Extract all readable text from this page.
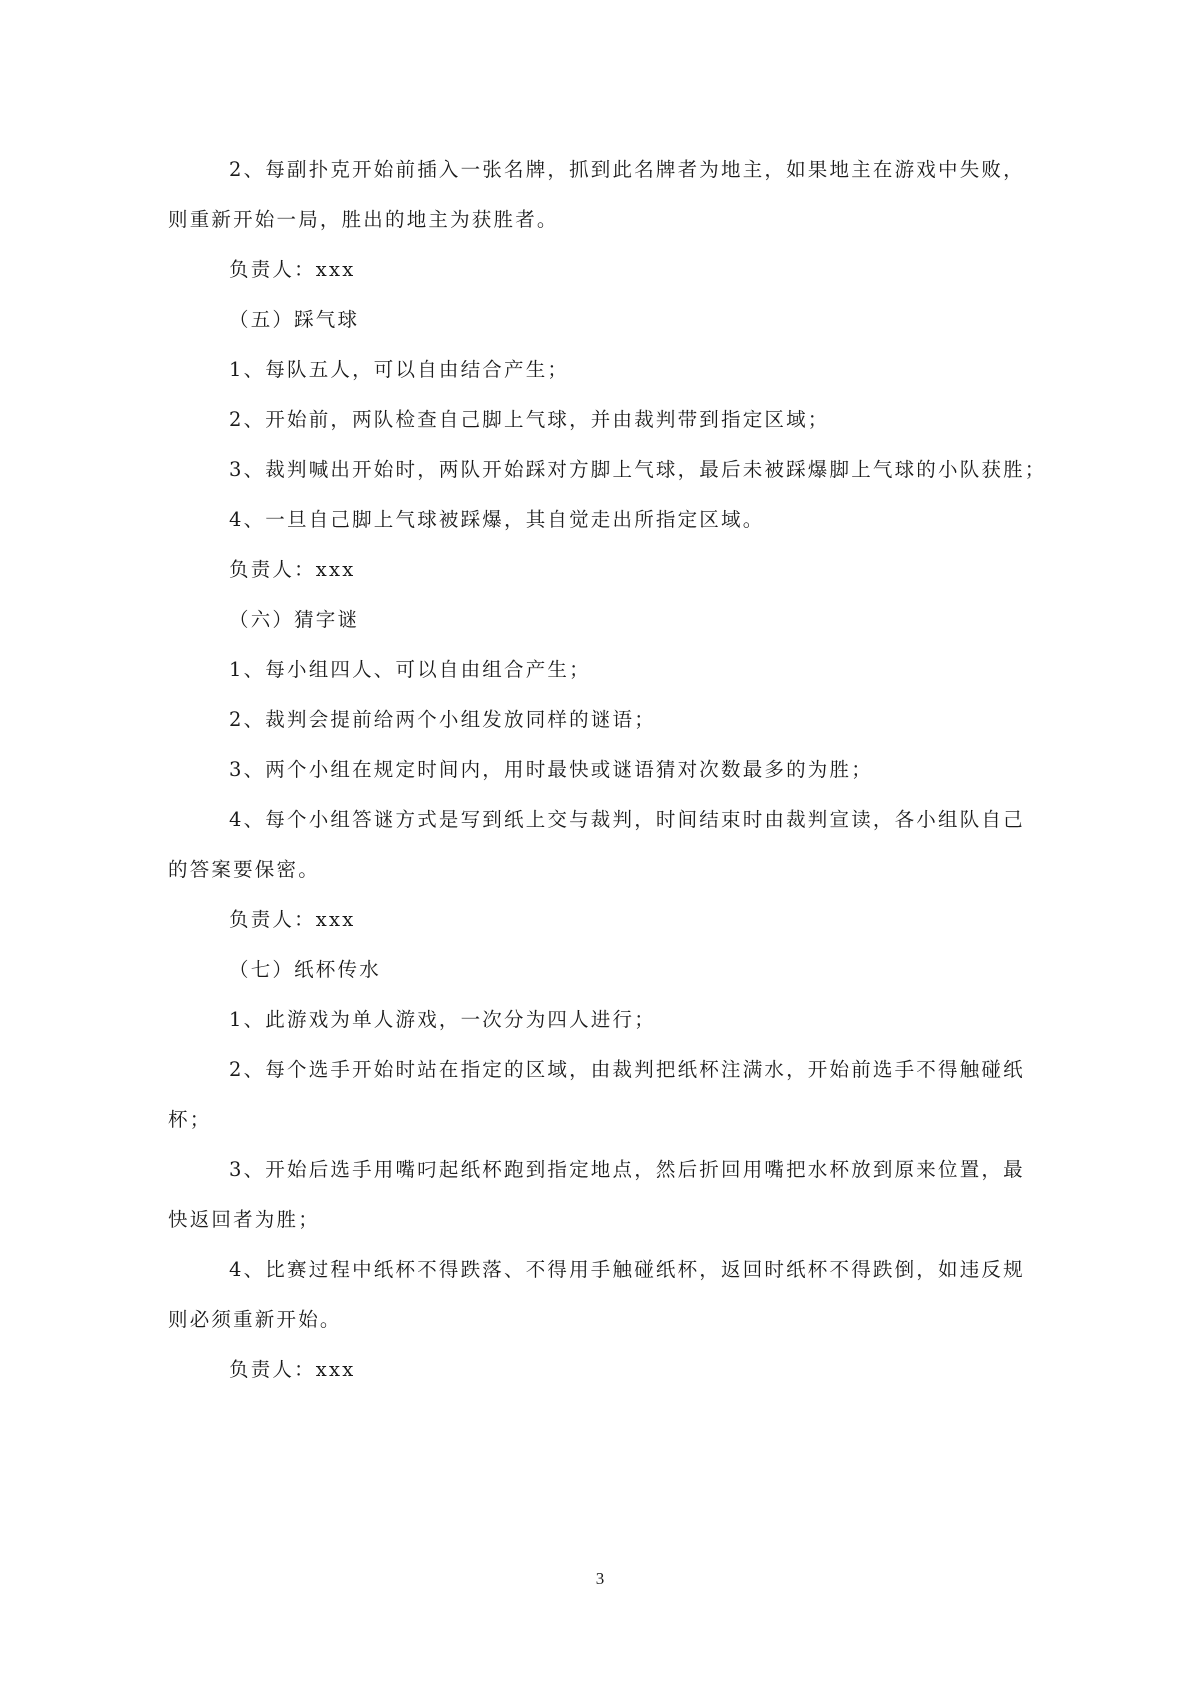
2、每副扑克开始前插入一张名牌，抓到此名牌者为地主，如果地主在游戏中失败，
则重新开始一局，胜出的地主为获胜者。
负责人：xxx
（五）踩气球
1、每队五人，可以自由结合产生；
2、开始前，两队检查自己脚上气球，并由裁判带到指定区域；
3、裁判喊出开始时，两队开始踩对方脚上气球，最后未被踩爆脚上气球的小队获胜；
4、一旦自己脚上气球被踩爆，其自觉走出所指定区域。
负责人：xxx
（六）猜字谜
1、每小组四人、可以自由组合产生；
2、裁判会提前给两个小组发放同样的谜语；
3、两个小组在规定时间内，用时最快或谜语猜对次数最多的为胜；
4、每个小组答谜方式是写到纸上交与裁判，时间结束时由裁判宣读，各小组队自己
的答案要保密。
负责人：xxx
（七）纸杯传水
1、此游戏为单人游戏，一次分为四人进行；
2、每个选手开始时站在指定的区域，由裁判把纸杯注满水，开始前选手不得触碰纸
杯；
3、开始后选手用嘴叼起纸杯跑到指定地点，然后折回用嘴把水杯放到原来位置，最
快返回者为胜；
4、比赛过程中纸杯不得跌落、不得用手触碰纸杯，返回时纸杯不得跌倒，如违反规
则必须重新开始。
负责人：xxx
3
